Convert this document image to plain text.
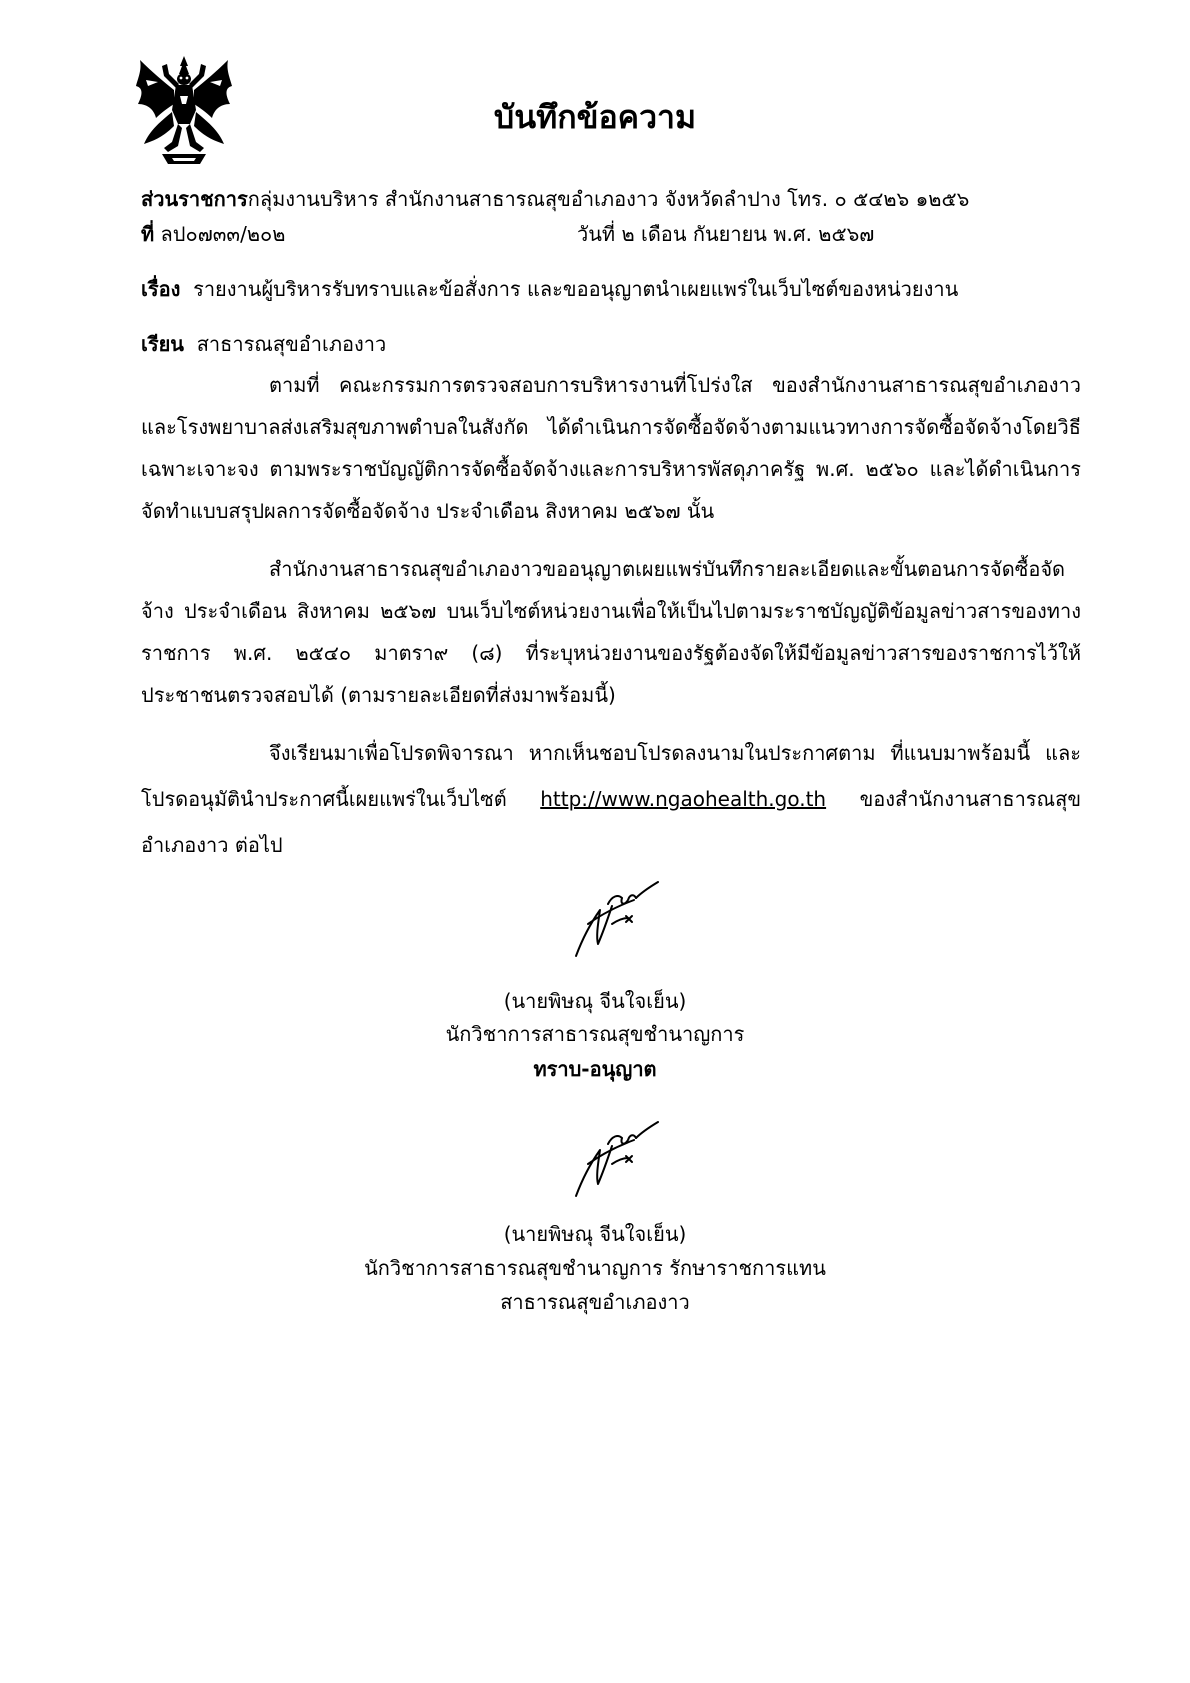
บันทึกข้อความ
ส่วนราชการกลุ่มงานบริหาร สำนักงานสาธารณสุขอำเภองาว จังหวัดลำปาง โทร. ๐ ๕๔๒๖ ๑๒๕๖
ที่ ลป๐๗๓๓/๒๐๒	วันที่ ๒ เดือน กันยายน พ.ศ. ๒๕๖๗
เรื่อง รายงานผู้บริหารรับทราบและข้อสั่งการ และขออนุญาตนำเผยแพร่ในเว็บไซต์ของหน่วยงาน
เรียน สาธารณสุขอำเภองาว

ตามที่ คณะกรรมการตรวจสอบการบริหารงานที่โปร่งใส ของสำนักงานสาธารณสุขอำเภองาว และโรงพยาบาลส่งเสริมสุขภาพตำบลในสังกัด ได้ดำเนินการจัดซื้อจัดจ้างตามแนวทางการจัดซื้อจัดจ้างโดยวิธีเฉพาะเจาะจง ตามพระราชบัญญัติการจัดซื้อจัดจ้างและการบริหารพัสดุภาครัฐ พ.ศ. ๒๕๖๐ และได้ดำเนินการจัดทำแบบสรุปผลการจัดซื้อจัดจ้าง ประจำเดือน สิงหาคม ๒๕๖๗ นั้น

สำนักงานสาธารณสุขอำเภองาวขออนุญาตเผยแพร่บันทึกรายละเอียดและขั้นตอนการจัดซื้อจัดจ้าง ประจำเดือน สิงหาคม ๒๕๖๗ บนเว็บไซต์หน่วยงานเพื่อให้เป็นไปตามระราชบัญญัติข้อมูลข่าวสารของทางราชการ พ.ศ. ๒๕๔๐ มาตรา๙ (๘) ที่ระบุหน่วยงานของรัฐต้องจัดให้มีข้อมูลข่าวสารของราชการไว้ให้ประชาชนตรวจสอบได้ (ตามรายละเอียดที่ส่งมาพร้อมนี้)

จึงเรียนมาเพื่อโปรดพิจารณา หากเห็นชอบโปรดลงนามในประกาศตาม ที่แนบมาพร้อมนี้ และโปรดอนุมัตินำประกาศนี้เผยแพร่ในเว็บไซต์ http://www.ngaohealth.go.th ของสำนักงานสาธารณสุขอำเภองาว ต่อไป

(นายพิษณุ จีนใจเย็น)
นักวิชาการสาธารณสุขชำนาญการ
ทราบ-อนุญาต
(นายพิษณุ จีนใจเย็น)
นักวิชาการสาธารณสุขชำนาญการ รักษาราชการแทน
สาธารณสุขอำเภองาว
